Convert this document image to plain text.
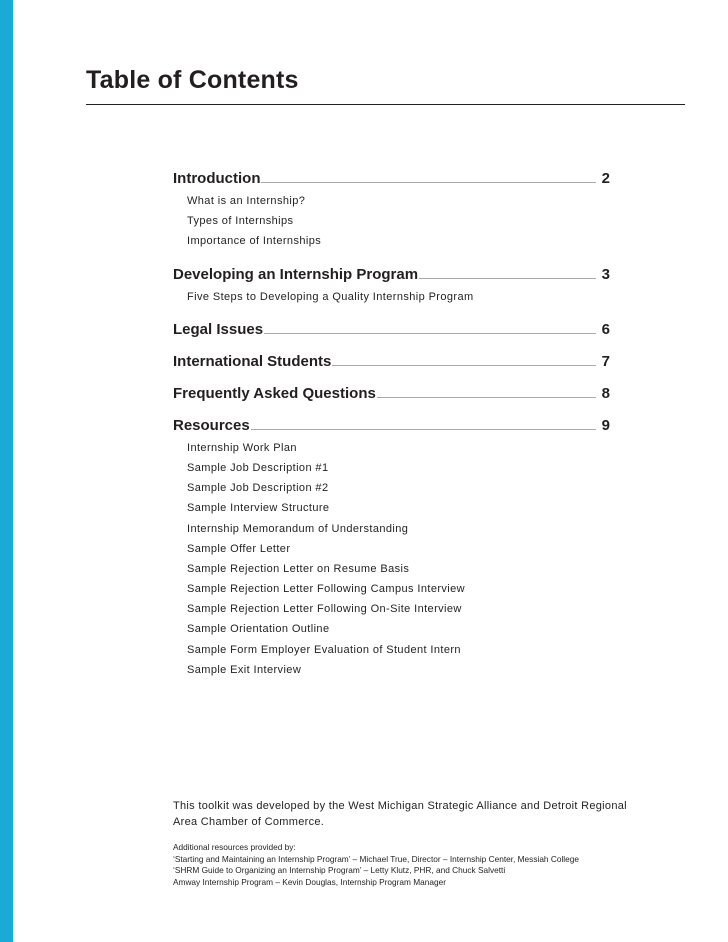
Table of Contents
Introduction	2
What is an Internship?
Types of Internships
Importance of Internships
Developing an Internship Program	3
Five Steps to Developing a Quality Internship Program
Legal Issues	6
International Students	7
Frequently Asked Questions	8
Resources	9
Internship Work Plan
Sample Job Description #1
Sample Job Description #2
Sample Interview Structure
Internship Memorandum of Understanding
Sample Offer Letter
Sample Rejection Letter on Resume Basis
Sample Rejection Letter Following Campus Interview
Sample Rejection Letter Following On-Site Interview
Sample Orientation Outline
Sample Form Employer Evaluation of Student Intern
Sample Exit Interview

This toolkit was developed by the West Michigan Strategic Alliance and Detroit Regional Area Chamber of Commerce.

Additional resources provided by:
‘Starting and Maintaining an Internship Program’ – Michael True, Director – Internship Center, Messiah College
‘SHRM Guide to Organizing an Internship Program’ – Letty Klutz, PHR, and Chuck Salvetti
Amway Internship Program – Kevin Douglas, Internship Program Manager
